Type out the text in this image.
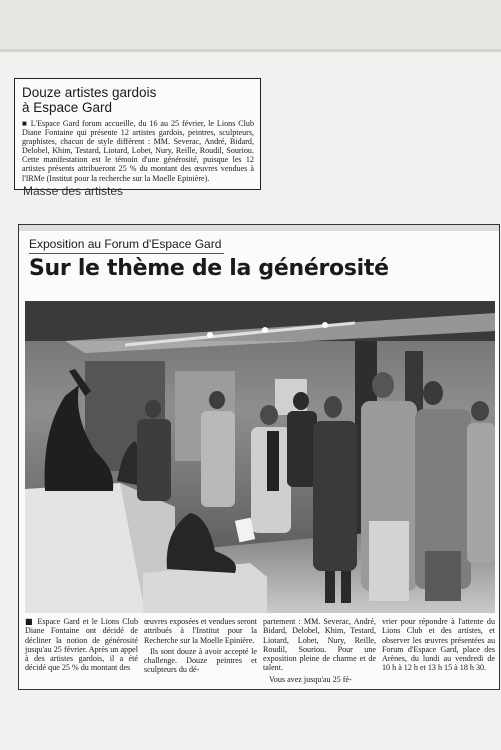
Douze artistes gardois
à Espace Gard
■ L'Espace Gard forum accueille, du 16 au 25 février, le Lions Club Diane Fontaine qui présente 12 artistes gardois, peintres, sculpteurs, graphistes, chacun de style différent : MM. Severac, André, Bidard, Delobel, Khim, Testard, Liotard, Lobet, Nury, Reille, Roudil, Souriou. Cette manifestation est le témoin d'une générosité, puisque les 12 artistes présents attribueront 25 % du montant des œuvres vendues à l'IRMe (Institut pour la recherche sur la Moelle Epinière).
Masse des artistes
Exposition au Forum d'Espace Gard
Sur le thème de la générosité

■ Espace Gard et le Lions Club Diane Fontaine ont décidé de décliner la notion de générosité jusqu'au 25 février. Après un appel à des artistes gardois, il a été décidé que 25 % du montant des

œuvres exposées et vendues seront attribués à l'Institut pour la Recherche sur la Moelle Epinière.

Ils sont douze à avoir accepté le challenge. Douze peintres et sculpteurs du dé-

partement : MM. Severac, André, Bidard, Delobel, Khim, Testard, Liotard, Lobet, Nury, Reille, Roudil, Souriou. Pour une exposition pleine de charme et de talent.

Vous avez jusqu'au 25 fé-

vrier pour répondre à l'attente du Lions Club et des artistes, et observer les œuvres présentées au Forum d'Espace Gard, place des Arènes, du lundi au vendredi de 10 h à 12 h et 13 h 15 à 18 h 30.
